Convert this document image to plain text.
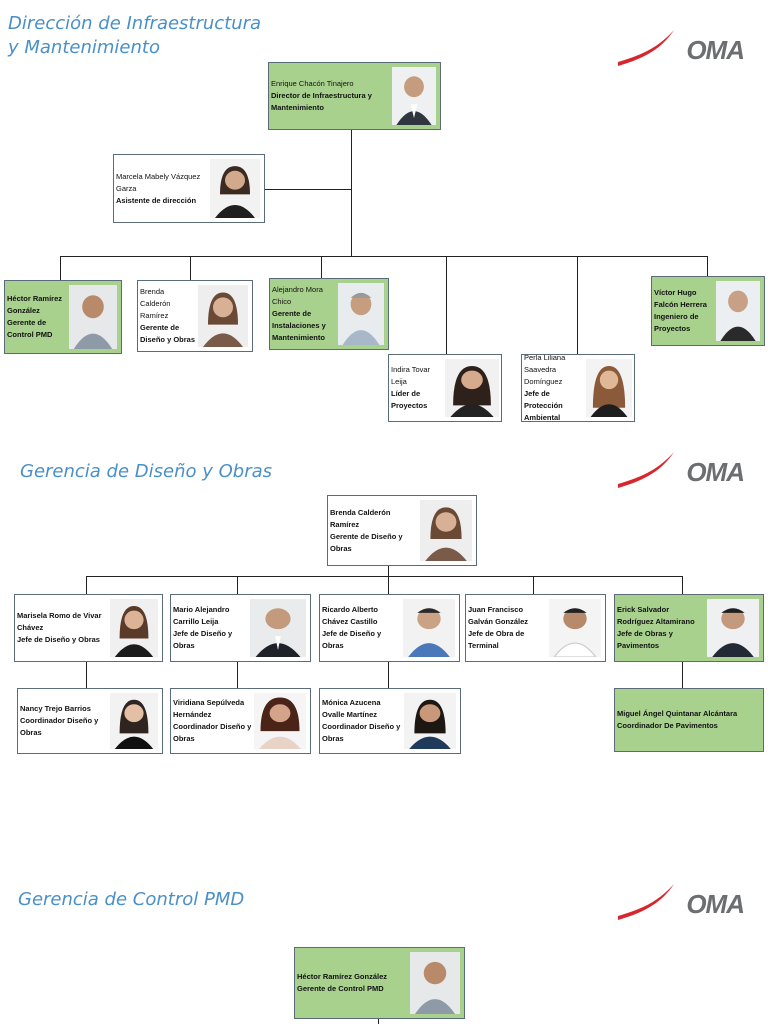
Dirección de Infraestructura
y Mantenimiento
Gerencia de Diseño y Obras
Gerencia de Control PMD
OMA
OMA
OMA
Enrique Chacón Tinajero
Director de Infraestructura y Mantenimiento
Marcela Mabely Vázquez Garza
Asistente de dirección
Héctor Ramírez González
Gerente de Control PMD
Brenda Calderón Ramírez
Gerente de Diseño y Obras
Alejandro Mora Chico
Gerente de Instalaciones y Mantenimiento
Indira Tovar Leija
Líder de Proyectos
Perla Liliana Saavedra Domínguez
Jefe de Protección Ambiental
Víctor Hugo Falcón Herrera
Ingeniero de Proyectos
Brenda Calderón Ramírez
Gerente de Diseño y Obras
Marisela Romo de Vivar Chávez
Jefe de Diseño y Obras
Mario Alejandro Carrillo Leija
Jefe de Diseño y Obras
Ricardo Alberto Chávez Castillo
Jefe de Diseño y Obras
Juan Francisco Galván González
Jefe de Obra de Terminal
Erick Salvador Rodríguez Altamirano
Jefe de Obras y Pavimentos
Nancy Trejo Barrios
Coordinador Diseño y Obras
Viridiana Sepúlveda Hernández
Coordinador Diseño y Obras
Mónica Azucena Ovalle Martínez
Coordinador Diseño y Obras
Miguel Ángel Quintanar Alcántara
Coordinador De Pavimentos
Héctor Ramírez González
Gerente de Control PMD
